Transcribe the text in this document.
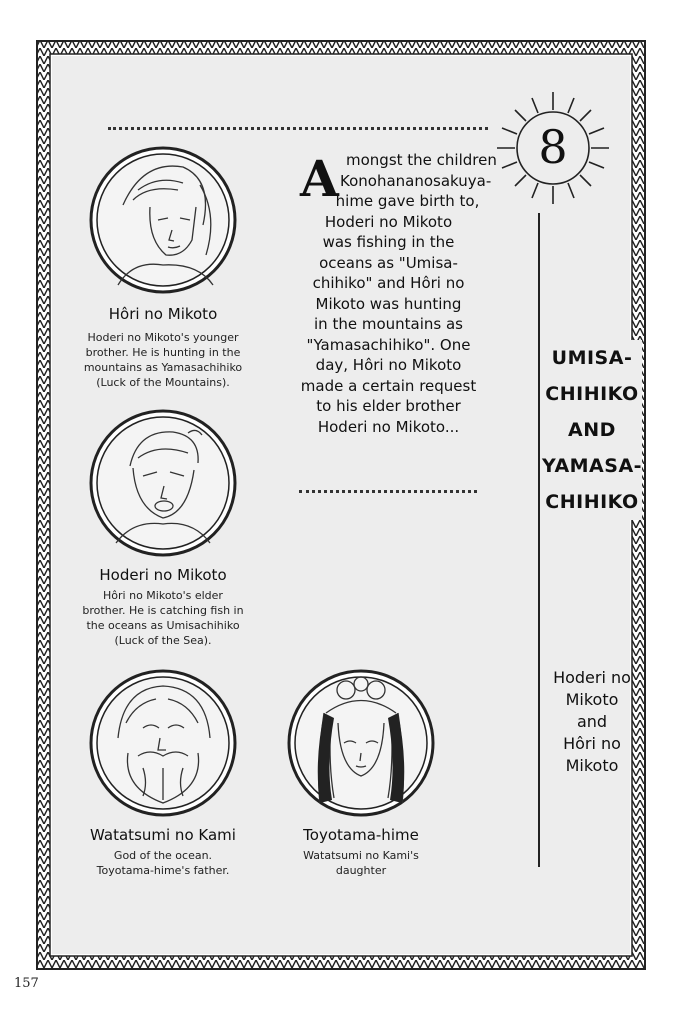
8
UMISA-
CHIHIKO
AND
YAMASA-
CHIHIKO
Hoderi no
Mikoto
and
Hôri no
Mikoto
A mongst the children
Konohananosakuya-
hime gave birth to,
Hoderi no Mikoto
was fishing in the
oceans as "Umisa-
chihiko" and Hôri no
Mikoto was hunting
in the mountains as
"Yamasachihiko". One
day, Hôri no Mikoto
made a certain request
to his elder brother
Hoderi no Mikoto...
Hôri no Mikoto
Hoderi no Mikoto's younger
brother. He is hunting in the
mountains as Yamasachihiko
(Luck of the Mountains).
Hoderi no Mikoto
Hôri no Mikoto's elder
brother. He is catching fish in
the oceans as Umisachihiko
(Luck of the Sea).
Watatsumi no Kami
God of the ocean.
Toyotama-hime's father.
Toyotama-hime
Watatsumi no Kami's
daughter
157
